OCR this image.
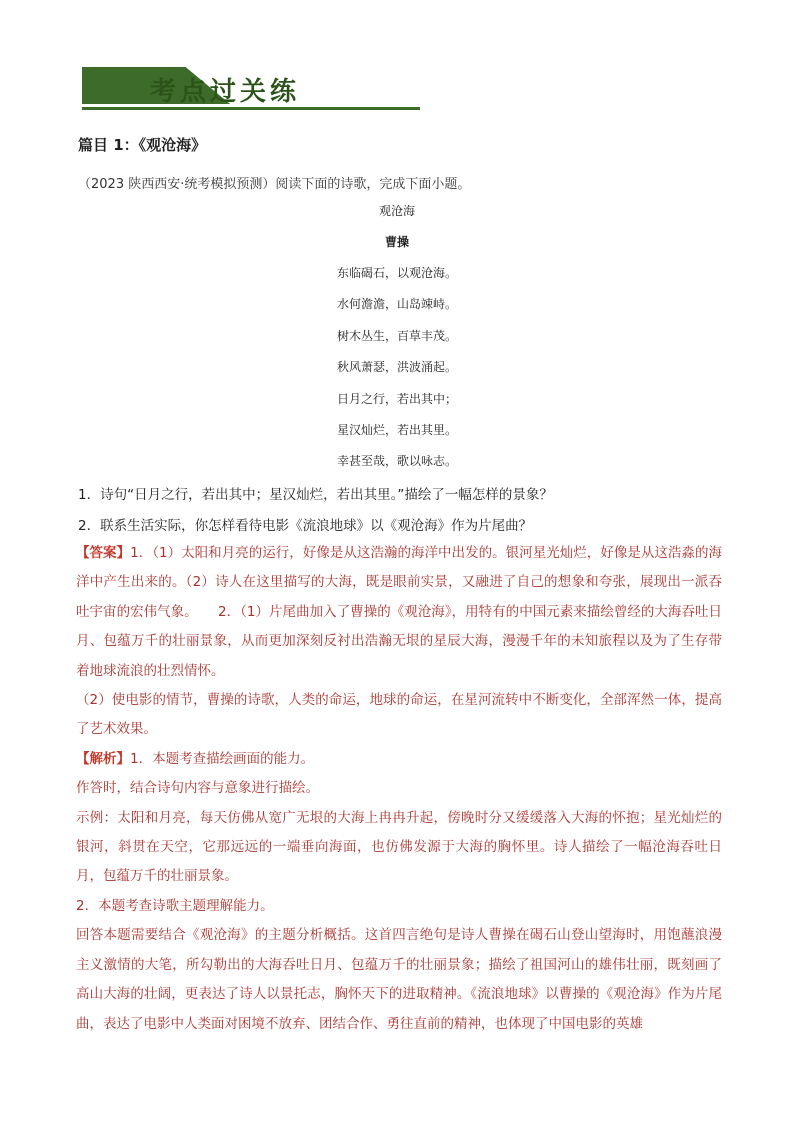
考点过关练
篇目 1：《观沧海》
（2023 陕西西安·统考模拟预测）阅读下面的诗歌，完成下面小题。
观沧海
曹操
东临碣石，以观沧海。
水何澹澹，山岛竦峙。
树木丛生，百草丰茂。
秋风萧瑟，洪波涌起。
日月之行，若出其中；
星汉灿烂，若出其里。
幸甚至哉，歌以咏志。
1．诗句“日月之行，若出其中；星汉灿烂，若出其里。”描绘了一幅怎样的景象？
2．联系生活实际，你怎样看待电影《流浪地球》以《观沧海》作为片尾曲？

【答案】1．（1）太阳和月亮的运行，好像是从这浩瀚的海洋中出发的。银河星光灿烂，好像是从这浩淼的海洋中产生出来的。（2）诗人在这里描写的大海，既是眼前实景，又融进了自己的想象和夸张，展现出一派吞吐宇宙的宏伟气象。　　 2．（1）片尾曲加入了曹操的《观沧海》，用特有的中国元素来描绘曾经的大海吞吐日月、包蕴万千的壮丽景象，从而更加深刻反衬出浩瀚无垠的星辰大海，漫漫千年的未知旅程以及为了生存带着地球流浪的壮烈情怀。

（2）使电影的情节，曹操的诗歌，人类的命运，地球的命运，在星河流转中不断变化，全部浑然一体，提高了艺术效果。

【解析】1．本题考查描绘画面的能力。

作答时，结合诗句内容与意象进行描绘。

示例：太阳和月亮，每天仿佛从宽广无垠的大海上冉冉升起，傍晚时分又缓缓落入大海的怀抱；星光灿烂的银河，斜贯在天空，它那远远的一端垂向海面，也仿佛发源于大海的胸怀里。诗人描绘了一幅沧海吞吐日月，包蕴万千的壮丽景象。

2．本题考查诗歌主题理解能力。

回答本题需要结合《观沧海》的主题分析概括。这首四言绝句是诗人曹操在碣石山登山望海时，用饱蘸浪漫主义激情的大笔，所勾勒出的大海吞吐日月、包蕴万千的壮丽景象；描绘了祖国河山的雄伟壮丽，既刻画了高山大海的壮阔，更表达了诗人以景托志，胸怀天下的进取精神。《流浪地球》以曹操的《观沧海》作为片尾曲，表达了电影中人类面对困境不放弃、团结合作、勇往直前的精神，也体现了中国电影的英雄
